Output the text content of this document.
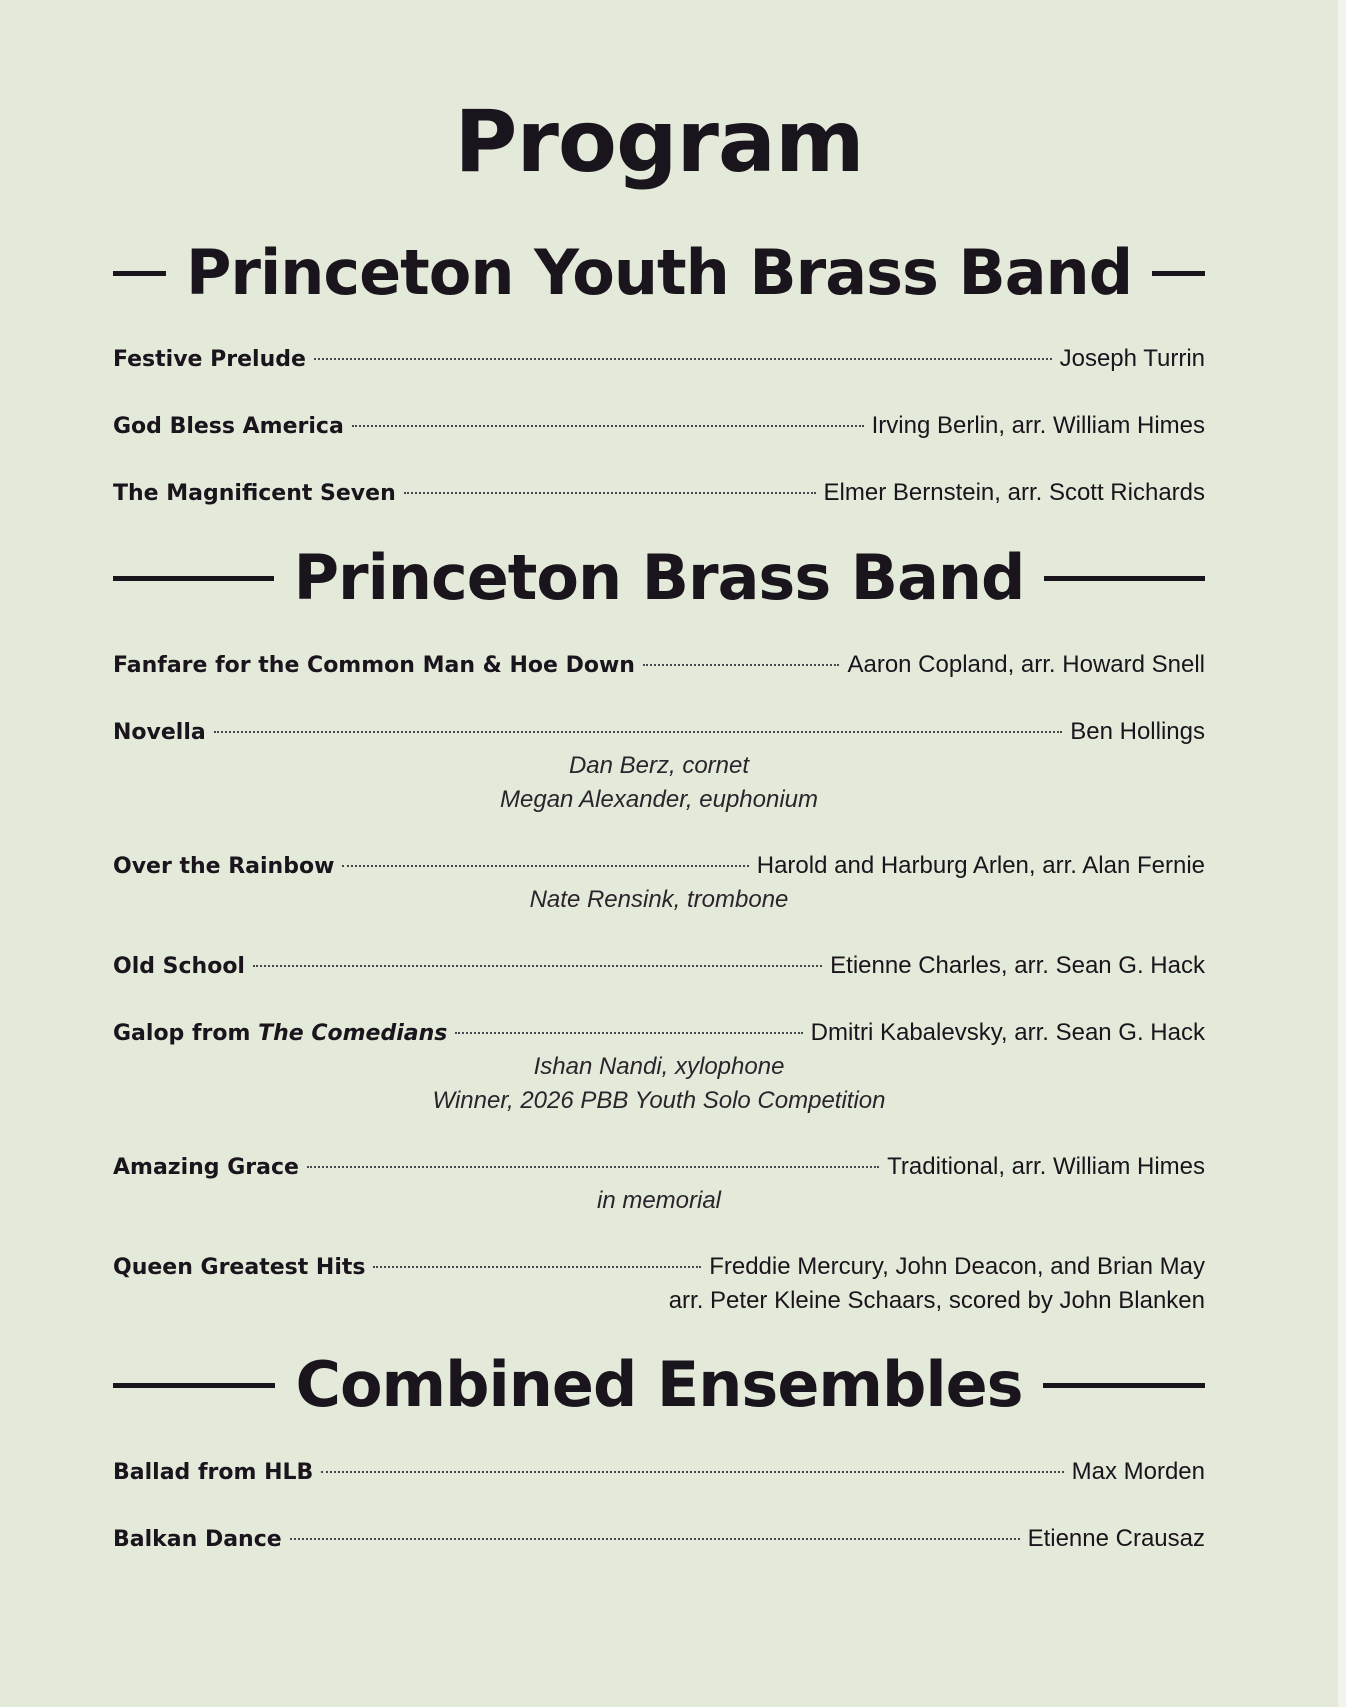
Program
Princeton Youth Brass Band
Festive Prelude	Joseph Turrin
God Bless America	Irving Berlin, arr. William Himes
The Magnificent Seven	Elmer Bernstein, arr. Scott Richards
Princeton Brass Band
Fanfare for the Common Man & Hoe Down	Aaron Copland, arr. Howard Snell
Novella	Ben Hollings
Dan Berz, cornet
Megan Alexander, euphonium
Over the Rainbow	Harold and Harburg Arlen, arr. Alan Fernie
Nate Rensink, trombone
Old School	Etienne Charles, arr. Sean G. Hack
Galop from The Comedians	Dmitri Kabalevsky, arr. Sean G. Hack
Ishan Nandi, xylophone
Winner, 2026 PBB Youth Solo Competition
Amazing Grace	Traditional, arr. William Himes
in memorial
Queen Greatest Hits	Freddie Mercury, John Deacon, and Brian May
arr. Peter Kleine Schaars, scored by John Blanken
Combined Ensembles
Ballad from HLB	Max Morden
Balkan Dance	Etienne Crausaz
